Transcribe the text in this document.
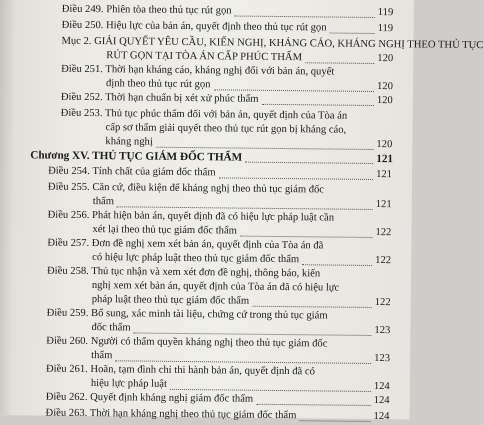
Điều 249. Phiên tòa theo thủ tục rút gọn	119
Điều 250. Hiệu lực của bản án, quyết định theo thủ tục rút gọn	119
Mục 2. GIẢI QUYẾT YÊU CẦU, KIẾN NGHỊ, KHÁNG CÁO, KHÁNG NGHỊ THEO THỦ TỤC
RÚT GỌN TẠI TÒA ÁN CẤP PHÚC THẨM	120
Điều 251. Thời hạn kháng cáo, kháng nghị đối với bản án, quyết
định theo thủ tục rút gọn	120
Điều 252. Thời hạn chuẩn bị xét xử phúc thẩm	120
Điều 253. Thủ tục phúc thẩm đối với bản án, quyết định của Tòa án
cấp sơ thẩm giải quyết theo thủ tục rút gọn bị kháng cáo,
kháng nghị	120
Chương XV. THỦ TỤC GIÁM ĐỐC THẨM	121
Điều 254. Tính chất của giám đốc thẩm	121
Điều 255. Căn cứ, điều kiện để kháng nghị theo thủ tục giám đốc
thẩm	121
Điều 256. Phát hiện bản án, quyết định đã có hiệu lực pháp luật cần
xét lại theo thủ tục giám đốc thẩm	122
Điều 257. Đơn đề nghị xem xét bản án, quyết định của Tòa án đã
có hiệu lực pháp luật theo thủ tục giám đốc thẩm	122
Điều 258. Thủ tục nhận và xem xét đơn đề nghị, thông báo, kiến
nghị xem xét bản án, quyết định của Tòa án đã có hiệu lực
pháp luật theo thủ tục giám đốc thẩm	122
Điều 259. Bổ sung, xác minh tài liệu, chứng cứ trong thủ tục giám
đốc thẩm	123
Điều 260. Người có thẩm quyền kháng nghị theo thủ tục giám đốc
thẩm	123
Điều 261. Hoãn, tạm đình chỉ thi hành bản án, quyết định đã có
hiệu lực pháp luật	124
Điều 262. Quyết định kháng nghị giám đốc thẩm	124
Điều 263. Thời hạn kháng nghị theo thủ tục giám đốc thẩm	124
